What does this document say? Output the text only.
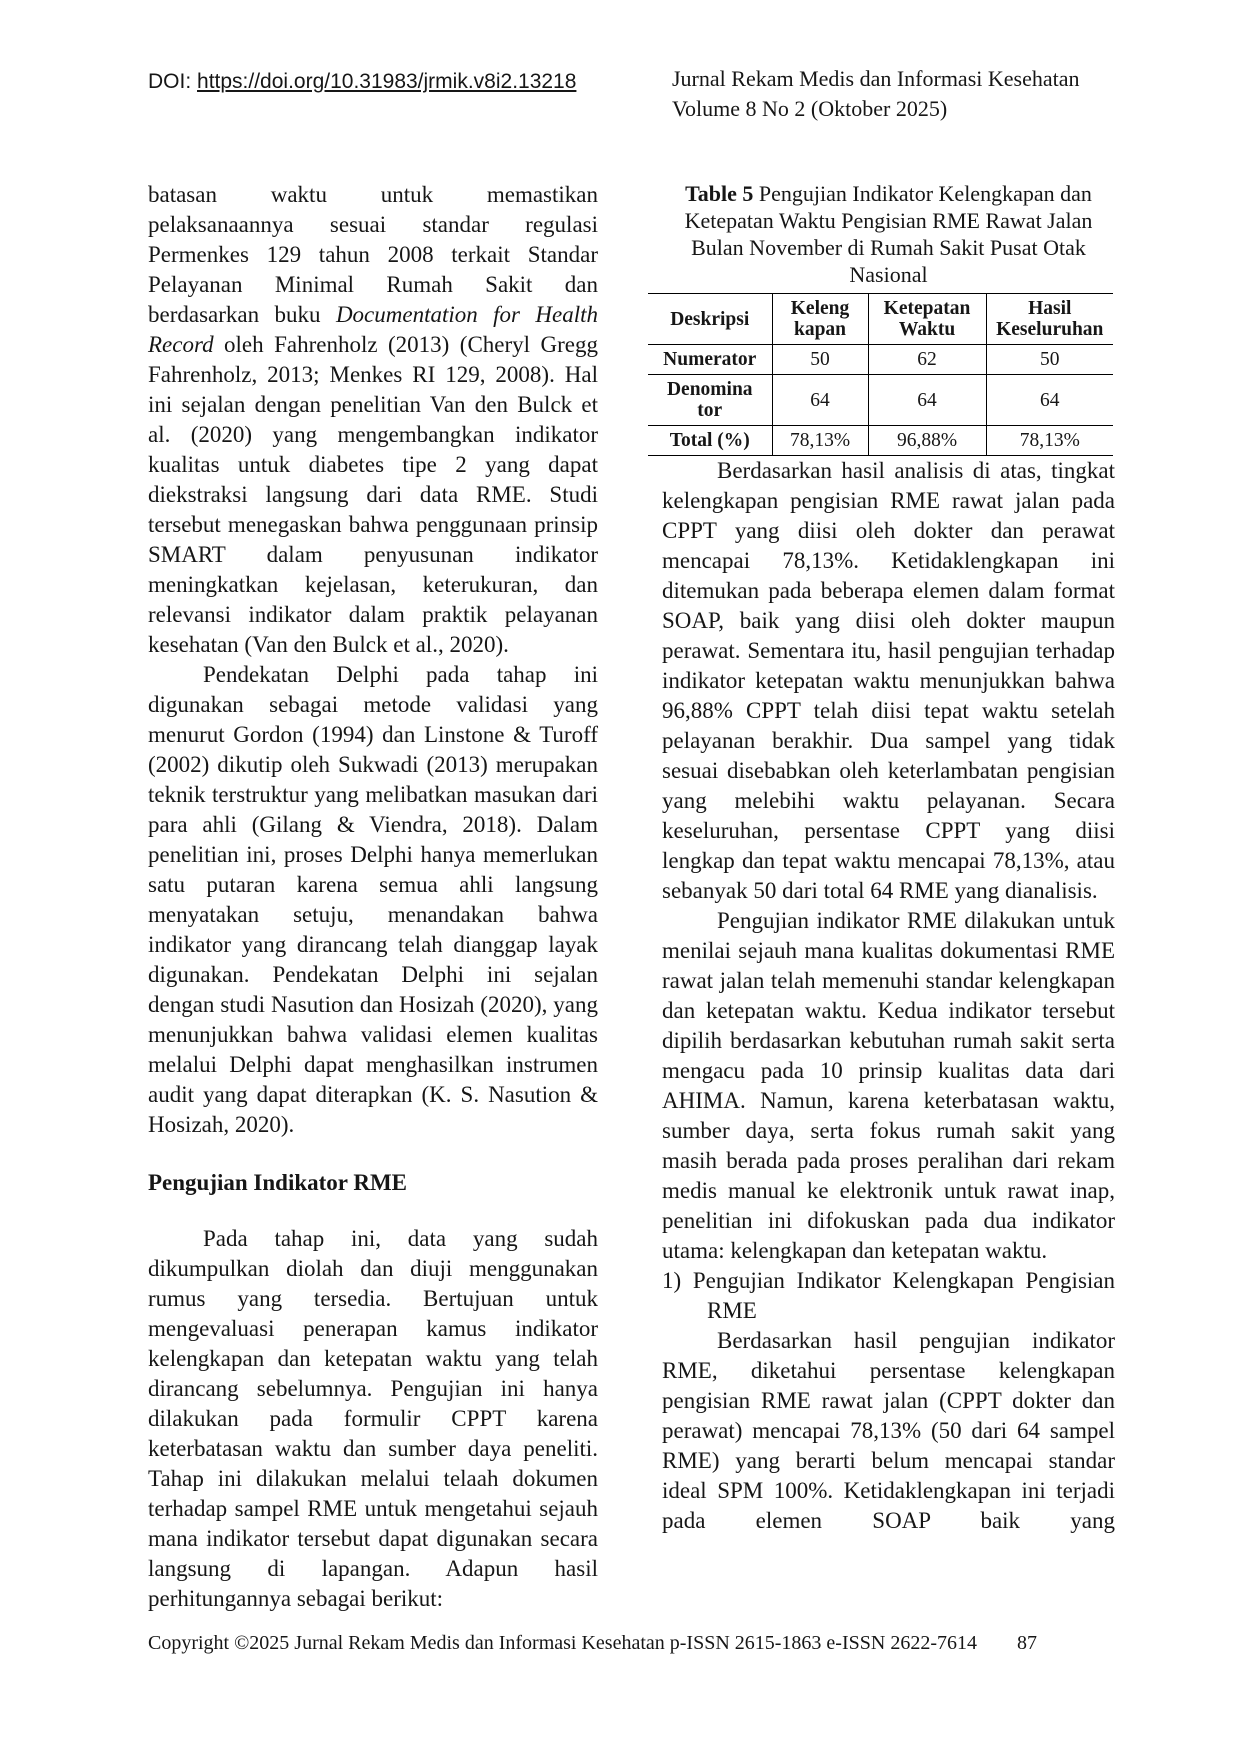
DOI: https://doi.org/10.31983/jrmik.v8i2.13218	Jurnal Rekam Medis dan Informasi Kesehatan
Volume 8 No 2 (Oktober 2025)

batasan waktu untuk memastikan pelaksanaannya sesuai standar regulasi Permenkes 129 tahun 2008 terkait Standar Pelayanan Minimal Rumah Sakit dan berdasarkan buku Documentation for Health Record oleh Fahrenholz (2013) (Cheryl Gregg Fahrenholz, 2013; Menkes RI 129, 2008). Hal ini sejalan dengan penelitian Van den Bulck et al. (2020) yang mengembangkan indikator kualitas untuk diabetes tipe 2 yang dapat diekstraksi langsung dari data RME. Studi tersebut menegaskan bahwa penggunaan prinsip SMART dalam penyusunan indikator meningkatkan kejelasan, keterukuran, dan relevansi indikator dalam praktik pelayanan kesehatan (Van den Bulck et al., 2020).

Pendekatan Delphi pada tahap ini digunakan sebagai metode validasi yang menurut Gordon (1994) dan Linstone & Turoff (2002) dikutip oleh Sukwadi (2013) merupakan teknik terstruktur yang melibatkan masukan dari para ahli (Gilang & Viendra, 2018). Dalam penelitian ini, proses Delphi hanya memerlukan satu putaran karena semua ahli langsung menyatakan setuju, menandakan bahwa indikator yang dirancang telah dianggap layak digunakan. Pendekatan Delphi ini sejalan dengan studi Nasution dan Hosizah (2020), yang menunjukkan bahwa validasi elemen kualitas melalui Delphi dapat menghasilkan instrumen audit yang dapat diterapkan (K. S. Nasution & Hosizah, 2020).

Pengujian Indikator RME

Pada tahap ini, data yang sudah dikumpulkan diolah dan diuji menggunakan rumus yang tersedia. Bertujuan untuk mengevaluasi penerapan kamus indikator kelengkapan dan ketepatan waktu yang telah dirancang sebelumnya. Pengujian ini hanya dilakukan pada formulir CPPT karena keterbatasan waktu dan sumber daya peneliti. Tahap ini dilakukan melalui telaah dokumen terhadap sampel RME untuk mengetahui sejauh mana indikator tersebut dapat digunakan secara langsung di lapangan. Adapun hasil perhitungannya sebagai berikut:

Table 5 Pengujian Indikator Kelengkapan dan Ketepatan Waktu Pengisian RME Rawat Jalan Bulan November di Rumah Sakit Pusat Otak Nasional
Deskripsi	Keleng kapan	Ketepatan Waktu	Hasil Keseluruhan
Numerator	50	62	50
Denomina tor	64	64	64
Total (%)	78,13%	96,88%	78,13%

Berdasarkan hasil analisis di atas, tingkat kelengkapan pengisian RME rawat jalan pada CPPT yang diisi oleh dokter dan perawat mencapai 78,13%. Ketidaklengkapan ini ditemukan pada beberapa elemen dalam format SOAP, baik yang diisi oleh dokter maupun perawat. Sementara itu, hasil pengujian terhadap indikator ketepatan waktu menunjukkan bahwa 96,88% CPPT telah diisi tepat waktu setelah pelayanan berakhir. Dua sampel yang tidak sesuai disebabkan oleh keterlambatan pengisian yang melebihi waktu pelayanan. Secara keseluruhan, persentase CPPT yang diisi lengkap dan tepat waktu mencapai 78,13%, atau sebanyak 50 dari total 64 RME yang dianalisis.

Pengujian indikator RME dilakukan untuk menilai sejauh mana kualitas dokumentasi RME rawat jalan telah memenuhi standar kelengkapan dan ketepatan waktu. Kedua indikator tersebut dipilih berdasarkan kebutuhan rumah sakit serta mengacu pada 10 prinsip kualitas data dari AHIMA. Namun, karena keterbatasan waktu, sumber daya, serta fokus rumah sakit yang masih berada pada proses peralihan dari rekam medis manual ke elektronik untuk rawat inap, penelitian ini difokuskan pada dua indikator utama: kelengkapan dan ketepatan waktu.

1) Pengujian Indikator Kelengkapan Pengisian RME

Berdasarkan hasil pengujian indikator RME, diketahui persentase kelengkapan pengisian RME rawat jalan (CPPT dokter dan perawat) mencapai 78,13% (50 dari 64 sampel RME) yang berarti belum mencapai standar ideal SPM 100%. Ketidaklengkapan ini terjadi pada elemen SOAP baik yang

Copyright ©2025 Jurnal Rekam Medis dan Informasi Kesehatan p-ISSN 2615-1863 e-ISSN 2622-7614 87
